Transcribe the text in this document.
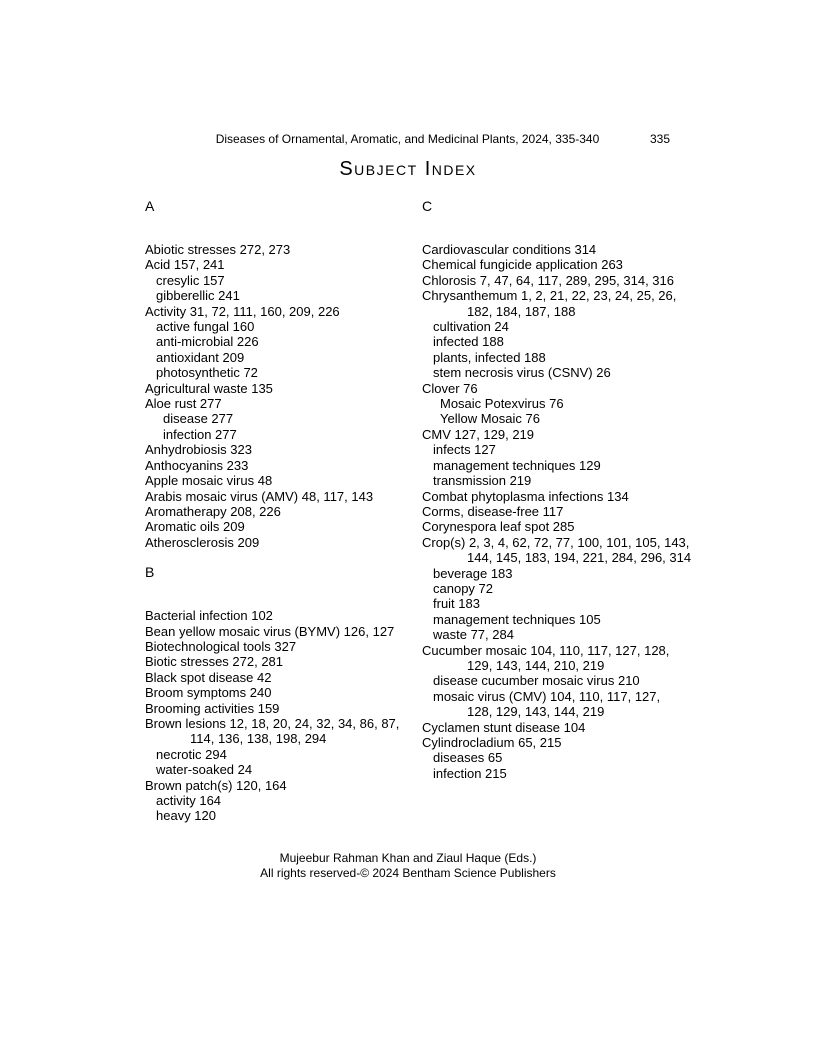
Diseases of Ornamental, Aromatic, and Medicinal Plants, 2024, 335-340	335
Subject Index
A
Abiotic stresses 272, 273
Acid 157, 241
cresylic 157
gibberellic 241
Activity 31, 72, 111, 160, 209, 226
active fungal 160
anti-microbial 226
antioxidant 209
photosynthetic 72
Agricultural waste 135
Aloe rust 277
disease 277
infection 277
Anhydrobiosis 323
Anthocyanins 233
Apple mosaic virus 48
Arabis mosaic virus (AMV) 48, 117, 143
Aromatherapy 208, 226
Aromatic oils 209
Atherosclerosis 209
B
Bacterial infection 102
Bean yellow mosaic virus (BYMV) 126, 127
Biotechnological tools 327
Biotic stresses 272, 281
Black spot disease 42
Broom symptoms 240
Brooming activities 159
Brown lesions 12, 18, 20, 24, 32, 34, 86, 87,
114, 136, 138, 198, 294
necrotic 294
water-soaked 24
Brown patch(s) 120, 164
activity 164
heavy 120
C
Cardiovascular conditions 314
Chemical fungicide application 263
Chlorosis 7, 47, 64, 117, 289, 295, 314, 316
Chrysanthemum 1, 2, 21, 22, 23, 24, 25, 26,
182, 184, 187, 188
cultivation 24
infected 188
plants, infected 188
stem necrosis virus (CSNV) 26
Clover 76
Mosaic Potexvirus 76
Yellow Mosaic 76
CMV 127, 129, 219
infects 127
management techniques 129
transmission 219
Combat phytoplasma infections 134
Corms, disease-free 117
Corynespora leaf spot 285
Crop(s) 2, 3, 4, 62, 72, 77, 100, 101, 105, 143,
144, 145, 183, 194, 221, 284, 296, 314
beverage 183
canopy 72
fruit 183
management techniques 105
waste 77, 284
Cucumber mosaic 104, 110, 117, 127, 128,
129, 143, 144, 210, 219
disease cucumber mosaic virus 210
mosaic virus (CMV) 104, 110, 117, 127,
128, 129, 143, 144, 219
Cyclamen stunt disease 104
Cylindrocladium 65, 215
diseases 65
infection 215
Mujeebur Rahman Khan and Ziaul Haque (Eds.)
All rights reserved-© 2024 Bentham Science Publishers
